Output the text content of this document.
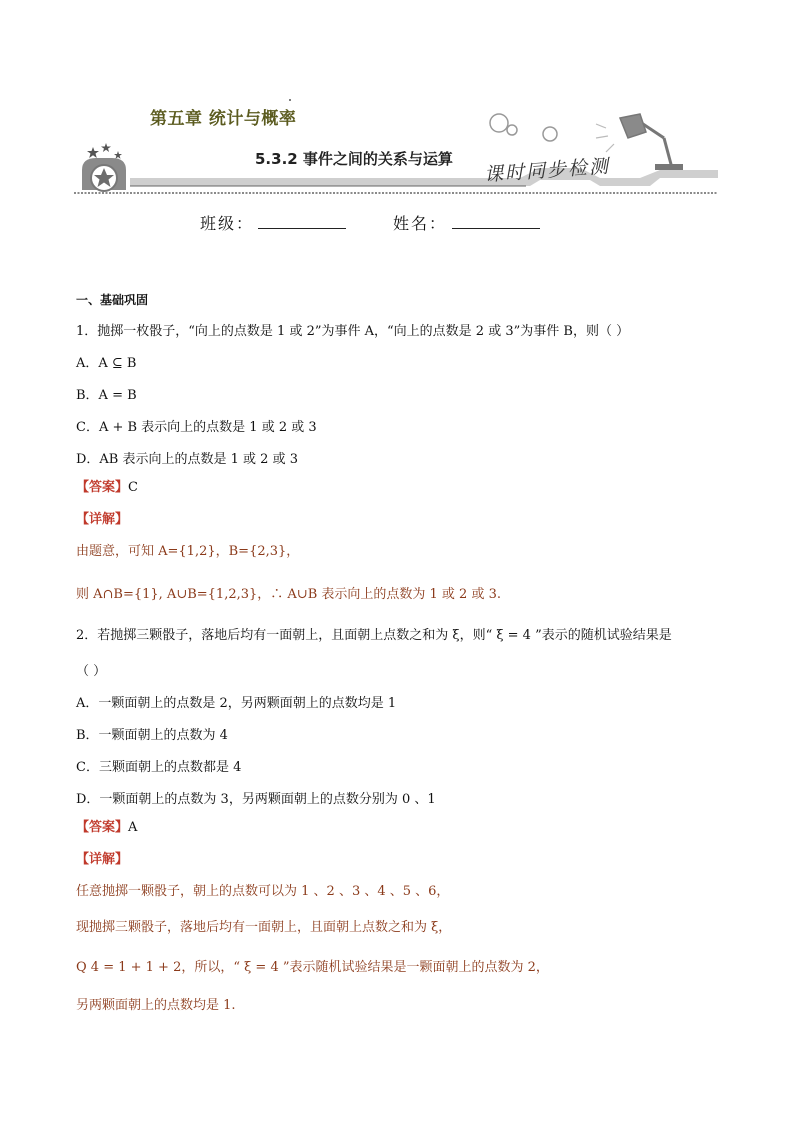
第五章 统计与概率
5.3.2 事件之间的关系与运算 课时同步检测
班级：	姓名：
一、基础巩固
1．抛掷一枚骰子，“向上的点数是 1 或 2”为事件 A，“向上的点数是 2 或 3”为事件 B，则（ ）
A．A ⊆ B
B．A = B
C．A + B 表示向上的点数是 1 或 2 或 3
D．AB 表示向上的点数是 1 或 2 或 3
【答案】C
【详解】
由题意，可知 A={1,2}，B={2,3}，
则 A∩B={1}, A∪B={1,2,3}，∴ A∪B 表示向上的点数为 1 或 2 或 3.
2．若抛掷三颗骰子，落地后均有一面朝上，且面朝上点数之和为 ξ，则“ ξ = 4 ”表示的随机试验结果是
（ ）
A．一颗面朝上的点数是 2，另两颗面朝上的点数均是 1
B．一颗面朝上的点数为 4
C．三颗面朝上的点数都是 4
D．一颗面朝上的点数为 3，另两颗面朝上的点数分别为 0 、1
【答案】A
【详解】
任意抛掷一颗骰子，朝上的点数可以为 1 、2 、3 、4 、5 、6，
现抛掷三颗骰子，落地后均有一面朝上，且面朝上点数之和为 ξ，
Q 4 = 1 + 1 + 2，所以，“ ξ = 4 ”表示随机试验结果是一颗面朝上的点数为 2，
另两颗面朝上的点数均是 1.
